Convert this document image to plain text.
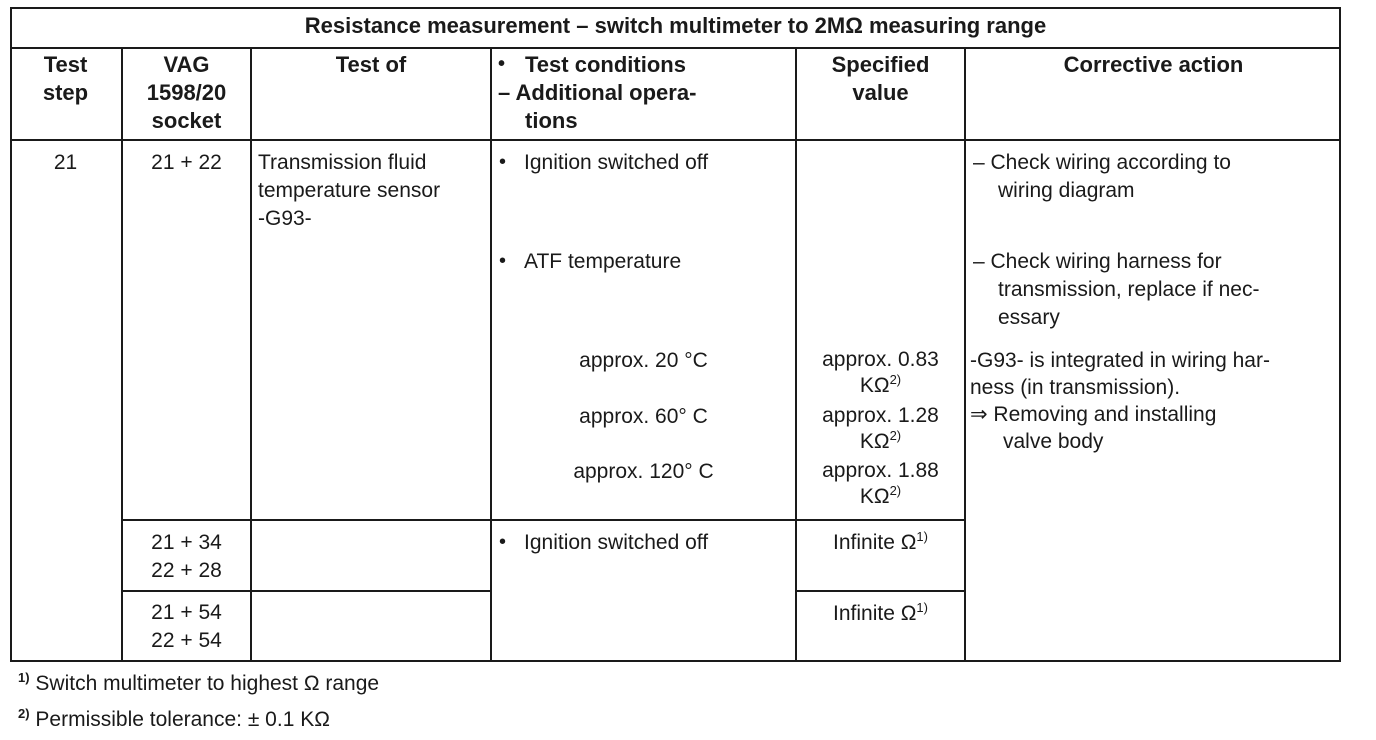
Resistance measurement – switch multimeter to 2MΩ measuring range
Test
step
VAG
1598/20
socket
Test of	• Test conditions
– Additional opera-
tions
Specified
value
Corrective action
21	21 + 22
21 + 34
22 + 28
21 + 54
22 + 54
Transmission fluid
temperature sensor
-G93-
• Ignition switched off
• ATF temperature
approx. 20 °C
approx. 60° C
approx. 120° C
• Ignition switched off
approx. 0.83
KΩ$^{2)}$
approx. 1.28
KΩ$^{2)}$
approx. 1.88
KΩ$^{2)}$
Infinite $\Omega^{1)}$
Infinite $\Omega^{1)}$
– Check wiring according to
wiring diagram
– Check wiring harness for
transmission, replace if nec-
essary
-G93- is integrated in wiring har-
ness (in transmission).
⇒ Removing and installing
valve body
$^{1)}$ Switch multimeter to highest Ω range
$^{2)}$ Permissible tolerance: ± 0.1 KΩ
